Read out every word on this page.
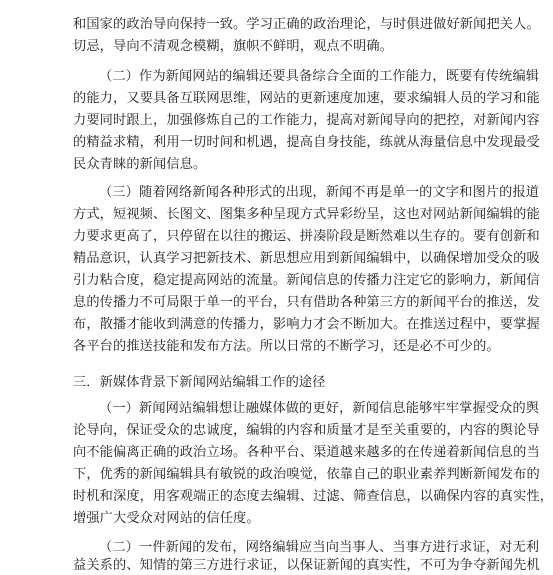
和国家的政治导向保持一致。学习正确的政治理论，与时俱进做好新闻把关人。
切忌，导向不清观念模糊，旗帜不鲜明，观点不明确。
（二）作为新闻网站的编辑还要具备综合全面的工作能力，既要有传统编辑
的能力，又要具备互联网思维，网站的更新速度加速，要求编辑人员的学习和能
力要同时跟上，加强修炼自己的工作能力，提高对新闻导向的把控，对新闻内容
的精益求精，利用一切时间和机遇，提高自身技能，练就从海量信息中发现最受
民众青睐的新闻信息。
（三）随着网络新闻各种形式的出现，新闻不再是单一的文字和图片的报道
方式，短视频、长图文、图集多种呈现方式异彩纷呈，这也对网站新闻编辑的能
力要求更高了，只停留在以往的搬运、拼凑阶段是断然难以生存的。要有创新和
精品意识，认真学习把新技术、新思想应用到新闻编辑中，以确保增加受众的吸
引力粘合度，稳定提高网站的流量。新闻信息的传播力注定它的影响力，新闻信
息的传播力不可局限于单一的平台，只有借助各种第三方的新闻平台的推送，发
布，散播才能收到满意的传播力，影响力才会不断加大。在推送过程中，要掌握
各平台的推送技能和发布方法。所以日常的不断学习，还是必不可少的。
三．新媒体背景下新闻网站编辑工作的途径
（一）新闻网站编辑想让融媒体做的更好，新闻信息能够牢牢掌握受众的舆
论导向，保证受众的忠诚度，编辑的内容和质量才是至关重要的，内容的舆论导
向不能偏离正确的政治立场。各种平台、渠道越来越多的在传递着新闻信息的当
下，优秀的新闻编辑具有敏锐的政治嗅觉，依靠自己的职业素养判断新闻发布的
时机和深度，用客观端正的态度去编辑、过滤、筛查信息，以确保内容的真实性，
增强广大受众对网站的信任度。
（二）一件新闻的发布，网络编辑应当向当事人、当事方进行求证，对无利
益关系的、知情的第三方进行求证，以保证新闻的真实性，不可为争夺新闻先机
